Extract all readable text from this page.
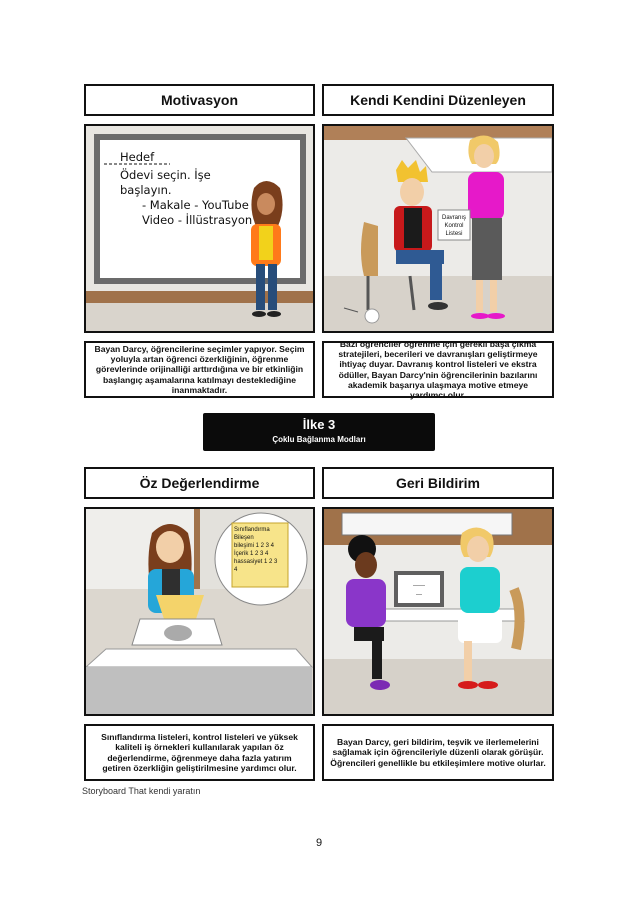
Motivasyon
Hedef
Ödevi seçin. İşe
başlayın.
- Makale - YouTube
Video - İllüstrasyon
Bayan Darcy, öğrencilerine seçimler yapıyor. Seçim yoluyla artan öğrenci özerkliğinin, öğrenme görevlerinde orijinalliği arttırdığına ve bir etkinliğin başlangıç aşamalarına katılmayı desteklediğine inanmaktadır.
Kendi Kendini Düzenleyen
Davranış
Kontrol
Listesi
Bazı öğrenciler öğrenme için gerekli başa çıkma stratejileri, becerileri ve davranışları geliştirmeye ihtiyaç duyar. Davranış kontrol listeleri ve ekstra ödüller, Bayan Darcy'nin öğrencilerinin bazılarını akademik başarıya ulaşmaya motive etmeye yardımcı olur.
İlke 3
Çoklu Bağlanma Modları
Öz Değerlendirme
Sınıflandırma
Bileşen
bileşimi 1 2 3 4
İçerik 1 2 3 4
hassasiyet 1 2 3
4
Sınıflandırma listeleri, kontrol listeleri ve yüksek kaliteli iş örnekleri kullanılarak yapılan öz değerlendirme, öğrenmeye daha fazla yatırım getiren özerkliğin geliştirilmesine yardımcı olur.
Geri Bildirim
------
---
Bayan Darcy, geri bildirim, teşvik ve ilerlemelerini sağlamak için öğrencileriyle düzenli olarak görüşür. Öğrencileri genellikle bu etkileşimlere motive olurlar.
Storyboard That kendi yaratın
9
